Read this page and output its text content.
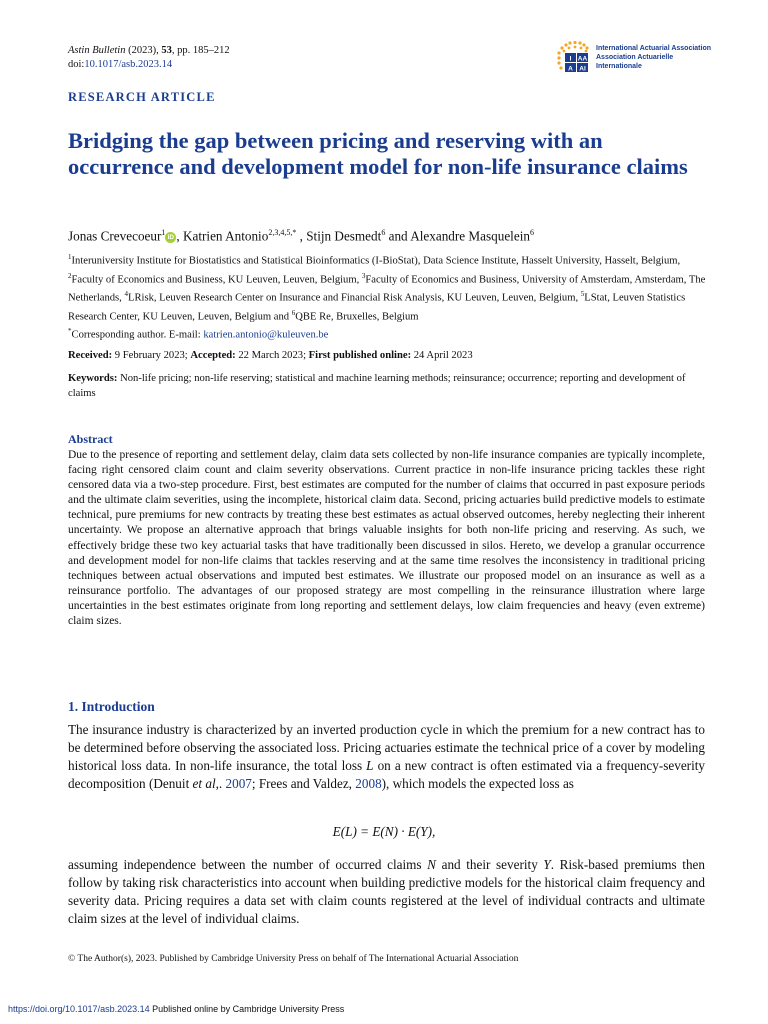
Astin Bulletin (2023), 53, pp. 185–212
doi:10.1017/asb.2023.14	I AA
A AI
International Actuarial Association
Association Actuarielle Internationale
RESEARCH ARTICLE
Bridging the gap between pricing and reserving with an occurrence and development model for non-life insurance claims
Jonas Crevecoeur$^1$iD , Katrien Antonio$^{2,3,4,5,*}$ , Stijn Desmedt$^6$ and Alexandre Masquelein$^6$
$^1$Interuniversity Institute for Biostatistics and Statistical Bioinformatics (I-BioStat), Data Science Institute, Hasselt University, Hasselt, Belgium, $^2$Faculty of Economics and Business, KU Leuven, Leuven, Belgium, $^3$Faculty of Economics and Business, University of Amsterdam, Amsterdam, The Netherlands, $^4$LRisk, Leuven Research Center on Insurance and Financial Risk Analysis, KU Leuven, Leuven, Belgium, $^5$LStat, Leuven Statistics Research Center, KU Leuven, Leuven, Belgium and $^6$QBE Re, Bruxelles, Belgium
*Corresponding author. E-mail: katrien.antonio@kuleuven.be
Received: 9 February 2023; Accepted: 22 March 2023; First published online: 24 April 2023
Keywords: Non-life pricing; non-life reserving; statistical and machine learning methods; reinsurance; occurrence; reporting and development of claims
Abstract
Due to the presence of reporting and settlement delay, claim data sets collected by non-life insurance companies are typically incomplete, facing right censored claim count and claim severity observations. Current practice in non-life insurance pricing tackles these right censored data via a two-step procedure. First, best estimates are computed for the number of claims that occurred in past exposure periods and the ultimate claim severities, using the incomplete, historical claim data. Second, pricing actuaries build predictive models to estimate technical, pure premiums for new contracts by treating these best estimates as actual observed outcomes, hereby neglecting their inherent uncertainty. We propose an alternative approach that brings valuable insights for both non-life pricing and reserving. As such, we effectively bridge these two key actuarial tasks that have traditionally been discussed in silos. Hereto, we develop a granular occurrence and development model for non-life claims that tackles reserving and at the same time resolves the inconsistency in traditional pricing techniques between actual observations and imputed best estimates. We illustrate our proposed model on an insurance as well as a reinsurance portfolio. The advantages of our proposed strategy are most compelling in the reinsurance illustration where large uncertainties in the best estimates originate from long reporting and settlement delays, low claim frequencies and heavy (even extreme) claim sizes.
1. Introduction
The insurance industry is characterized by an inverted production cycle in which the premium for a new contract has to be determined before observing the associated loss. Pricing actuaries estimate the technical price of a cover by modeling historical loss data. In non-life insurance, the total loss L on a new contract is often estimated via a frequency-severity decomposition (Denuit et al,. 2007; Frees and Valdez, 2008), which models the expected loss as
E(L) = E(N) · E(Y),
assuming independence between the number of occurred claims N and their severity Y. Risk-based premiums then follow by taking risk characteristics into account when building predictive models for the historical claim frequency and severity data. Pricing requires a data set with claim counts registered at the level of individual contracts and ultimate claim sizes at the level of individual claims.
© The Author(s), 2023. Published by Cambridge University Press on behalf of The International Actuarial Association
https://doi.org/10.1017/asb.2023.14 Published online by Cambridge University Press
